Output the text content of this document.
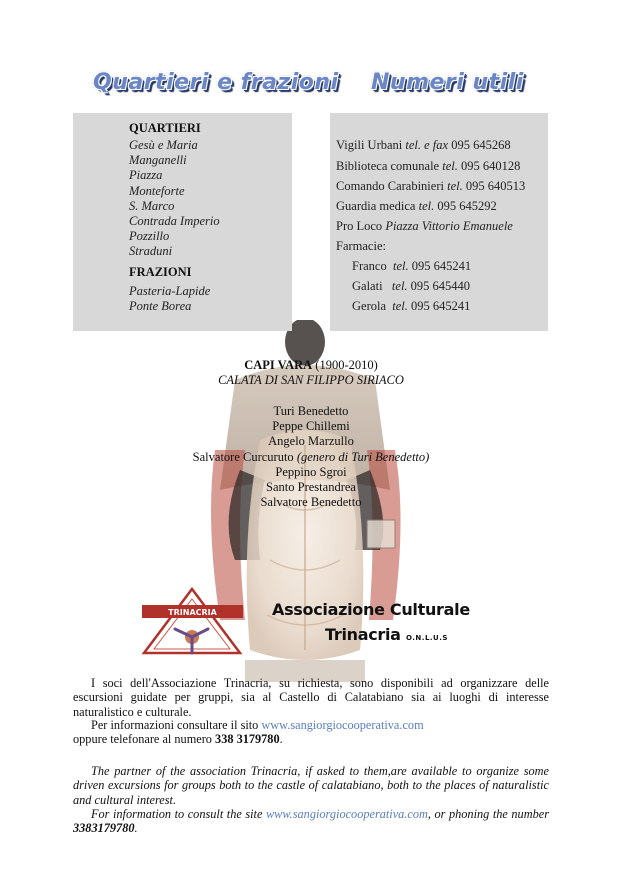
Quartieri e frazioni Numeri utili
QUARTIERI
Gesù e Maria
Manganelli
Piazza
Monteforte
S. Marco
Contrada Imperio
Pozzillo
Straduni
FRAZIONI
Pasteria-Lapide
Ponte Borea
Vigili Urbani tel. e fax 095 645268
Biblioteca comunale tel. 095 640128
Comando Carabinieri tel. 095 640513
Guardia medica tel. 095 645292
Pro Loco Piazza Vittorio Emanuele
Farmacie:
Franco tel. 095 645241
Galati tel. 095 645440
Gerola tel. 095 645241
CAPI VARA (1900-2010)
CALATA DI SAN FILIPPO SIRIACO
Turi Benedetto
Peppe Chillemi
Angelo Marzullo
Salvatore Curcuruto (genero di Turi Benedetto)
Peppino Sgroi
Santo Prestandrea
Salvatore Benedetto
TRINACRIA	Associazione Culturale
Trinacria O.N.L.U.S
I soci dell'Associazione Trinacria, su richiesta, sono disponibili ad organizzare delle escursioni guidate per gruppi, sia al Castello di Calatabiano sia ai luoghi di interesse naturalistico e culturale.
Per informazioni consultare il sito www.sangiorgiocooperativa.com
oppure telefonare al numero 338 3179780.
The partner of the association Trinacria, if asked to them,are available to organize some driven excursions for groups both to the castle of calatabiano, both to the places of naturalistic and cultural interest.
For information to consult the site www.sangiorgiocooperativa.com, or phoning the number 3383179780.
